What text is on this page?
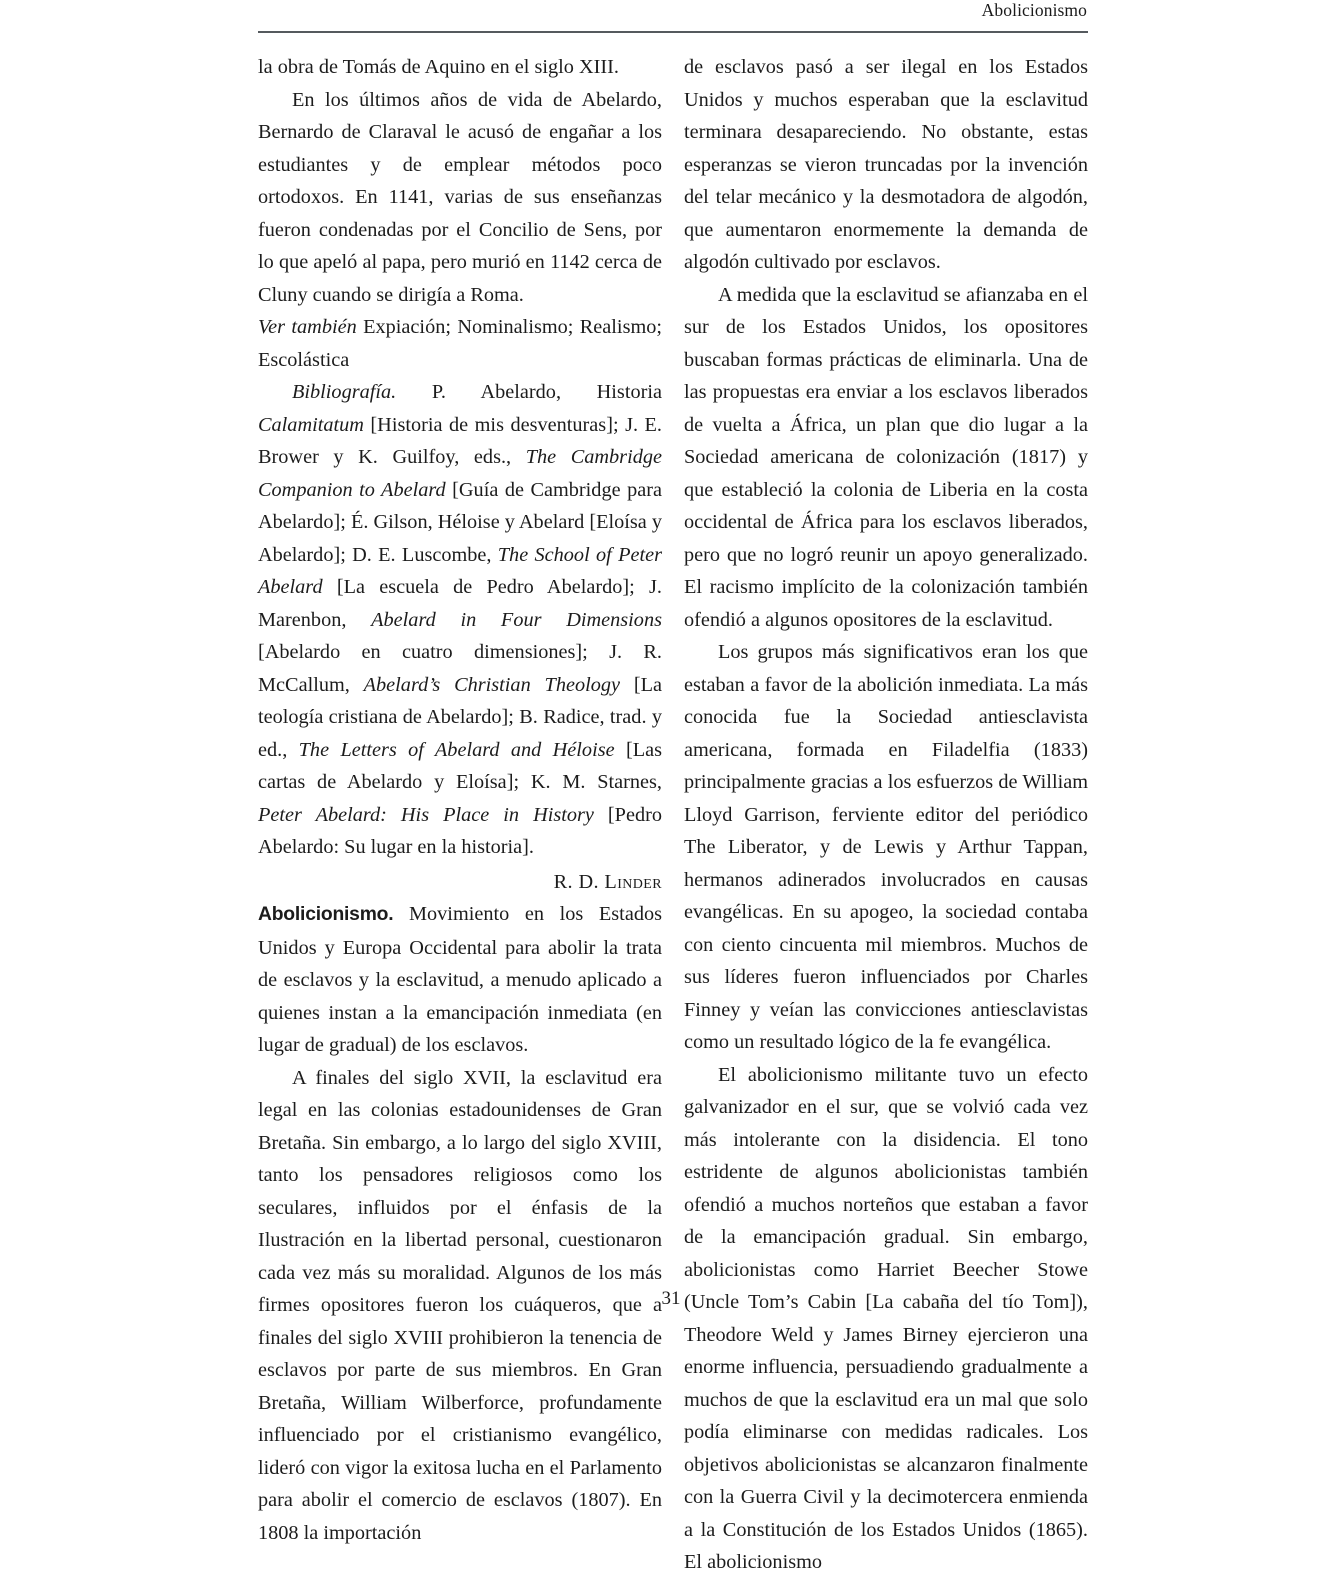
Abolicionismo

la obra de Tomás de Aquino en el siglo XIII.

En los últimos años de vida de Abelardo, Bernardo de Claraval le acusó de engañar a los estudiantes y de emplear métodos poco ortodoxos. En 1141, varias de sus enseñanzas fueron condenadas por el Concilio de Sens, por lo que apeló al papa, pero murió en 1142 cerca de Cluny cuando se dirigía a Roma.

Ver también Expiación; Nominalismo; Realismo; Escolástica

Bibliografía. P. Abelardo, Historia Calamitatum [Historia de mis desventuras]; J. E. Brower y K. Guilfoy, eds., The Cambridge Companion to Abelard [Guía de Cambridge para Abelardo]; É. Gilson, Héloise y Abelard [Eloísa y Abelardo]; D. E. Luscombe, The School of Peter Abelard [La escuela de Pedro Abelardo]; J. Marenbon, Abelard in Four Dimensions [Abelardo en cuatro dimensiones]; J. R. McCallum, Abelard’s Christian Theology [La teología cristiana de Abelardo]; B. Radice, trad. y ed., The Letters of Abelard and Héloise [Las cartas de Abelardo y Eloísa]; K. M. Starnes, Peter Abelard: His Place in History [Pedro Abelardo: Su lugar en la historia].

R. D. Linder

Abolicionismo. Movimiento en los Estados Unidos y Europa Occidental para abolir la trata de esclavos y la esclavitud, a menudo aplicado a quienes instan a la emancipación inmediata (en lugar de gradual) de los esclavos.

A finales del siglo XVII, la esclavitud era legal en las colonias estadounidenses de Gran Bretaña. Sin embargo, a lo largo del siglo XVIII, tanto los pensadores religiosos como los seculares, influidos por el énfasis de la Ilustración en la libertad personal, cuestionaron cada vez más su moralidad. Algunos de los más firmes opositores fueron los cuáqueros, que a finales del siglo XVIII prohibieron la tenencia de esclavos por parte de sus miembros. En Gran Bretaña, William Wilberforce, profundamente influenciado por el cristianismo evangélico, lideró con vigor la exitosa lucha en el Parlamento para abolir el comercio de esclavos (1807). En 1808 la importación

de esclavos pasó a ser ilegal en los Estados Unidos y muchos esperaban que la esclavitud terminara desapareciendo. No obstante, estas esperanzas se vieron truncadas por la invención del telar mecánico y la desmotadora de algodón, que aumentaron enormemente la demanda de algodón cultivado por esclavos.

A medida que la esclavitud se afianzaba en el sur de los Estados Unidos, los opositores buscaban formas prácticas de eliminarla. Una de las propuestas era enviar a los esclavos liberados de vuelta a África, un plan que dio lugar a la Sociedad americana de colonización (1817) y que estableció la colonia de Liberia en la costa occidental de África para los esclavos liberados, pero que no logró reunir un apoyo generalizado. El racismo implícito de la colonización también ofendió a algunos opositores de la esclavitud.

Los grupos más significativos eran los que estaban a favor de la abolición inmediata. La más conocida fue la Sociedad antiesclavista americana, formada en Filadelfia (1833) principalmente gracias a los esfuerzos de William Lloyd Garrison, ferviente editor del periódico The Liberator, y de Lewis y Arthur Tappan, hermanos adinerados involucrados en causas evangélicas. En su apogeo, la sociedad contaba con ciento cincuenta mil miembros. Muchos de sus líderes fueron influenciados por Charles Finney y veían las convicciones antiesclavistas como un resultado lógico de la fe evangélica.

El abolicionismo militante tuvo un efecto galvanizador en el sur, que se volvió cada vez más intolerante con la disidencia. El tono estridente de algunos abolicionistas también ofendió a muchos norteños que estaban a favor de la emancipación gradual. Sin embargo, abolicionistas como Harriet Beecher Stowe (Uncle Tom’s Cabin [La cabaña del tío Tom]), Theodore Weld y James Birney ejercieron una enorme influencia, persuadiendo gradualmente a muchos de que la esclavitud era un mal que solo podía eliminarse con medidas radicales. Los objetivos abolicionistas se alcanzaron finalmente con la Guerra Civil y la decimotercera enmienda a la Constitución de los Estados Unidos (1865). El abolicionismo

31
